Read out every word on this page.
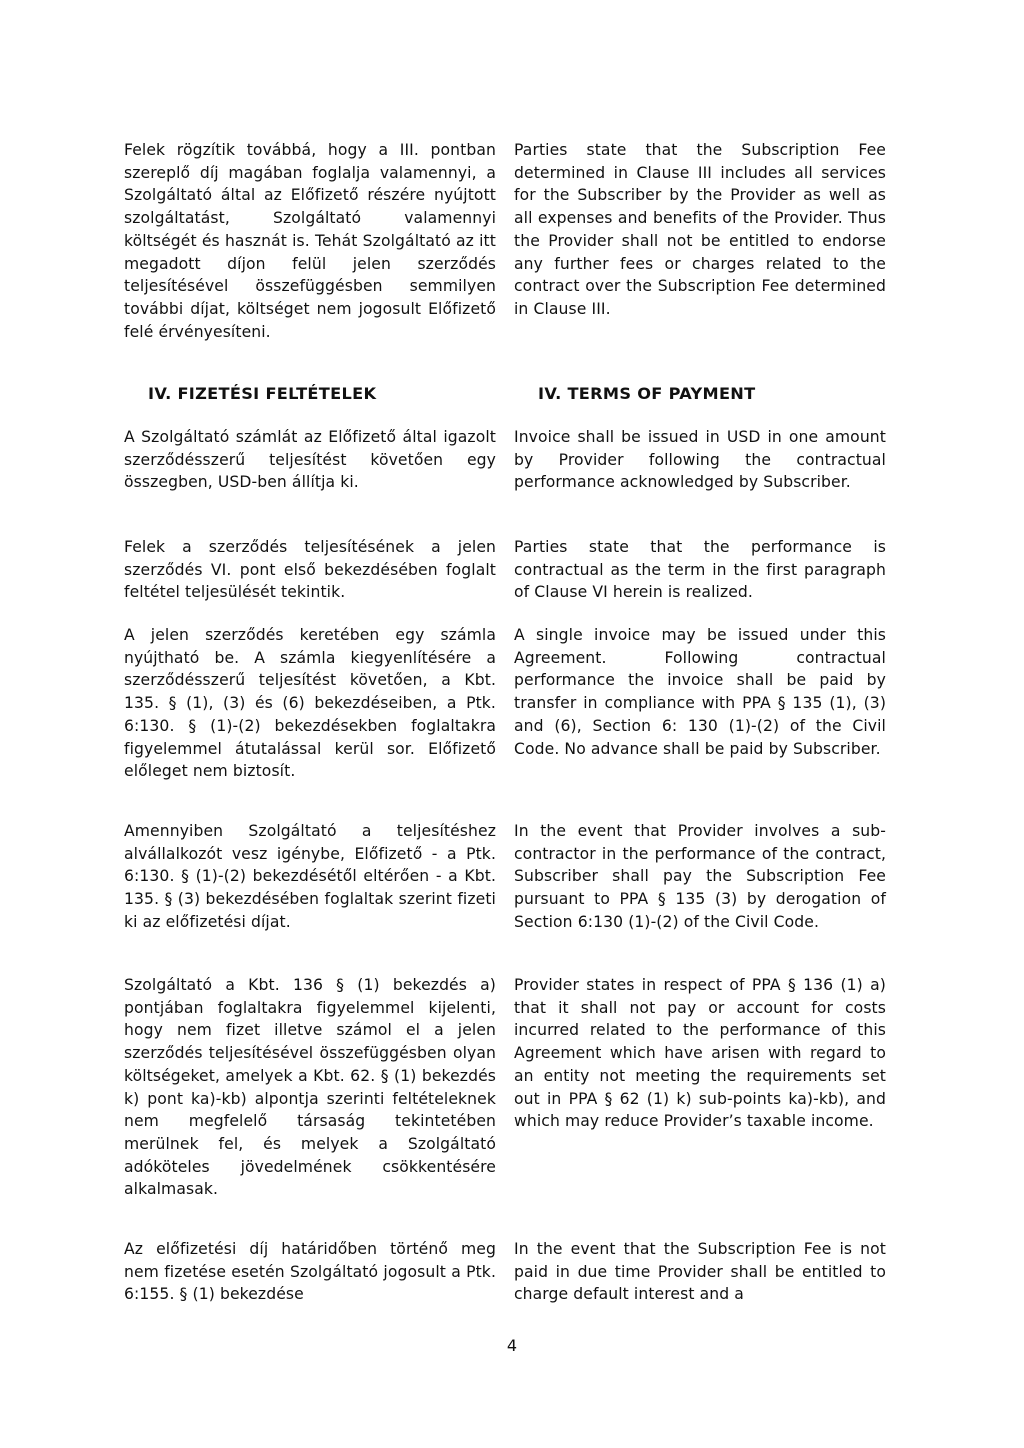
Felek rögzítik továbbá, hogy a III. pontban szereplő díj magában foglalja valamennyi, a Szolgáltató által az Előfizető részére nyújtott szolgáltatást, Szolgáltató valamennyi költségét és hasznát is. Tehát Szolgáltató az itt megadott díjon felül jelen szerződés teljesítésével összefüggésben semmilyen további díjat, költséget nem jogosult Előfizető felé érvényesíteni.

IV. FIZETÉSI FELTÉTELEK

A Szolgáltató számlát az Előfizető által igazolt szerződésszerű teljesítést követően egy összegben, USD-ben állítja ki.

Felek a szerződés teljesítésének a jelen szerződés VI. pont első bekezdésében foglalt feltétel teljesülését tekintik.

A jelen szerződés keretében egy számla nyújtható be. A számla kiegyenlítésére a szerződésszerű teljesítést követően, a Kbt. 135. § (1), (3) és (6) bekezdéseiben, a Ptk. 6:130. § (1)-(2) bekezdésekben foglaltakra figyelemmel átutalással kerül sor. Előfizető előleget nem biztosít.

Amennyiben Szolgáltató a teljesítéshez alvállalkozót vesz igénybe, Előfizető - a Ptk. 6:130. § (1)-(2) bekezdésétől eltérően - a Kbt. 135. § (3) bekezdésében foglaltak szerint fizeti ki az előfizetési díjat.

Szolgáltató a Kbt. 136 § (1) bekezdés a) pontjában foglaltakra figyelemmel kijelenti, hogy nem fizet illetve számol el a jelen szerződés teljesítésével összefüggésben olyan költségeket, amelyek a Kbt. 62. § (1) bekezdés k) pont ka)-kb) alpontja szerinti feltételeknek nem megfelelő társaság tekintetében merülnek fel, és melyek a Szolgáltató adóköteles jövedelmének csökkentésére alkalmasak.

Az előfizetési díj határidőben történő meg nem fizetése esetén Szolgáltató jogosult a Ptk. 6:155. § (1) bekezdése

Parties state that the Subscription Fee determined in Clause III includes all services for the Subscriber by the Provider as well as all expenses and benefits of the Provider. Thus the Provider shall not be entitled to endorse any further fees or charges related to the contract over the Subscription Fee determined in Clause III.

IV. TERMS OF PAYMENT

Invoice shall be issued in USD in one amount by Provider following the contractual performance acknowledged by Subscriber.

Parties state that the performance is contractual as the term in the first paragraph of Clause VI herein is realized.

A single invoice may be issued under this Agreement. Following contractual performance the invoice shall be paid by transfer in compliance with PPA § 135 (1), (3) and (6), Section 6: 130 (1)-(2) of the Civil Code. No advance shall be paid by Subscriber.

In the event that Provider involves a sub-contractor in the performance of the contract, Subscriber shall pay the Subscription Fee pursuant to PPA § 135 (3) by derogation of Section 6:130 (1)-(2) of the Civil Code.

Provider states in respect of PPA § 136 (1) a) that it shall not pay or account for costs incurred related to the performance of this Agreement which have arisen with regard to an entity not meeting the requirements set out in PPA § 62 (1) k) sub-points ka)-kb), and which may reduce Provider’s taxable income.

In the event that the Subscription Fee is not paid in due time Provider shall be entitled to charge default interest and a

4
